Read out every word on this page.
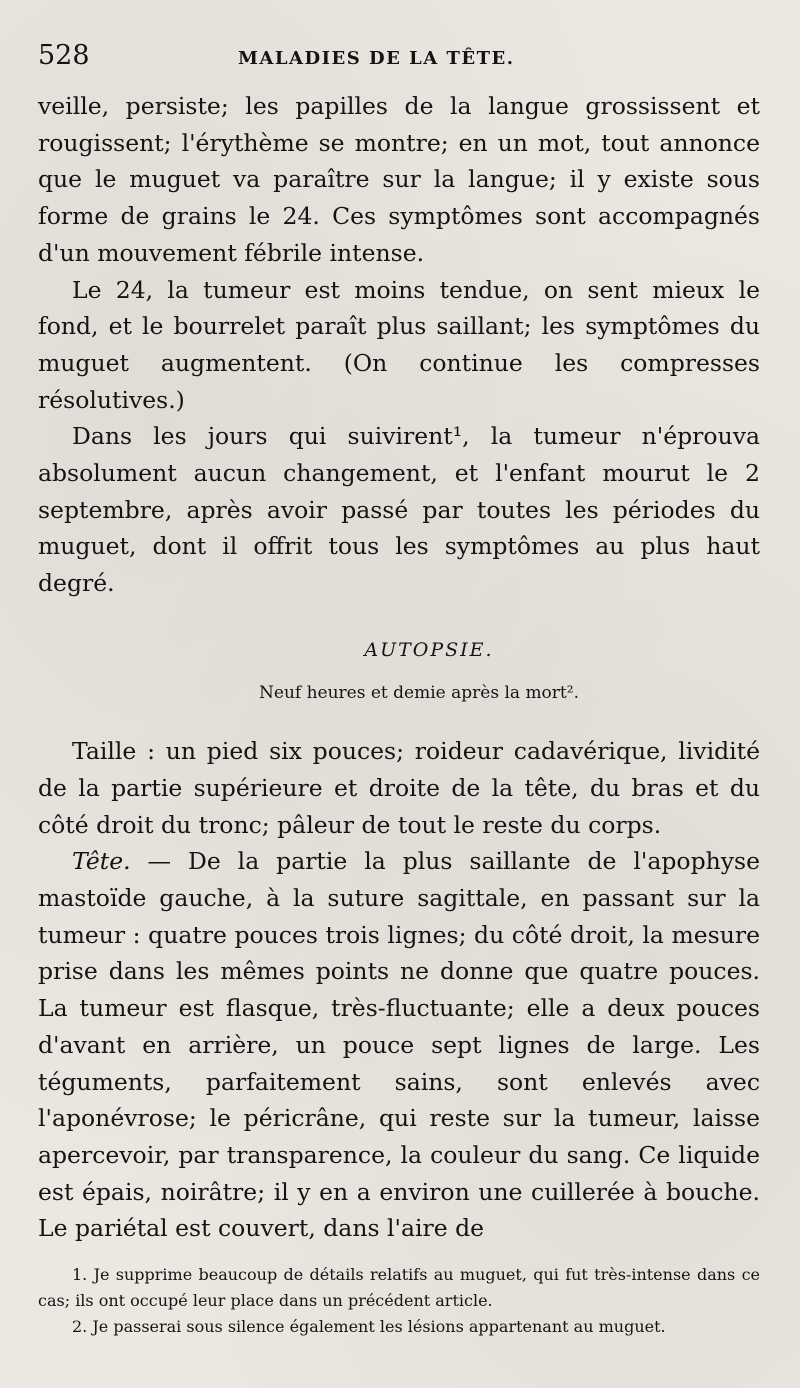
528	MALADIES DE LA TÊTE.

veille, persiste; les papilles de la langue grossissent et rougissent; l'érythème se montre; en un mot, tout annonce que le muguet va paraître sur la langue; il y existe sous forme de grains le 24. Ces symptômes sont accompagnés d'un mouvement fébrile intense.

Le 24, la tumeur est moins tendue, on sent mieux le fond, et le bourrelet paraît plus saillant; les symptômes du muguet augmentent. (On continue les compresses résolutives.)

Dans les jours qui suivirent¹, la tumeur n'éprouva absolument aucun changement, et l'enfant mourut le 2 septembre, après avoir passé par toutes les périodes du muguet, dont il offrit tous les symptômes au plus haut degré.

AUTOPSIE.
Neuf heures et demie après la mort².

Taille : un pied six pouces; roideur cadavérique, lividité de la partie supérieure et droite de la tête, du bras et du côté droit du tronc; pâleur de tout le reste du corps.

Tête. — De la partie la plus saillante de l'apophyse mastoïde gauche, à la suture sagittale, en passant sur la tumeur : quatre pouces trois lignes; du côté droit, la mesure prise dans les mêmes points ne donne que quatre pouces. La tumeur est flasque, très-fluctuante; elle a deux pouces d'avant en arrière, un pouce sept lignes de large. Les téguments, parfaitement sains, sont enlevés avec l'aponévrose; le péricrâne, qui reste sur la tumeur, laisse apercevoir, par transparence, la couleur du sang. Ce liquide est épais, noirâtre; il y en a environ une cuillerée à bouche. Le pariétal est couvert, dans l'aire de

1. Je supprime beaucoup de détails relatifs au muguet, qui fut très-intense dans ce cas; ils ont occupé leur place dans un précédent article.

2. Je passerai sous silence également les lésions appartenant au muguet.
